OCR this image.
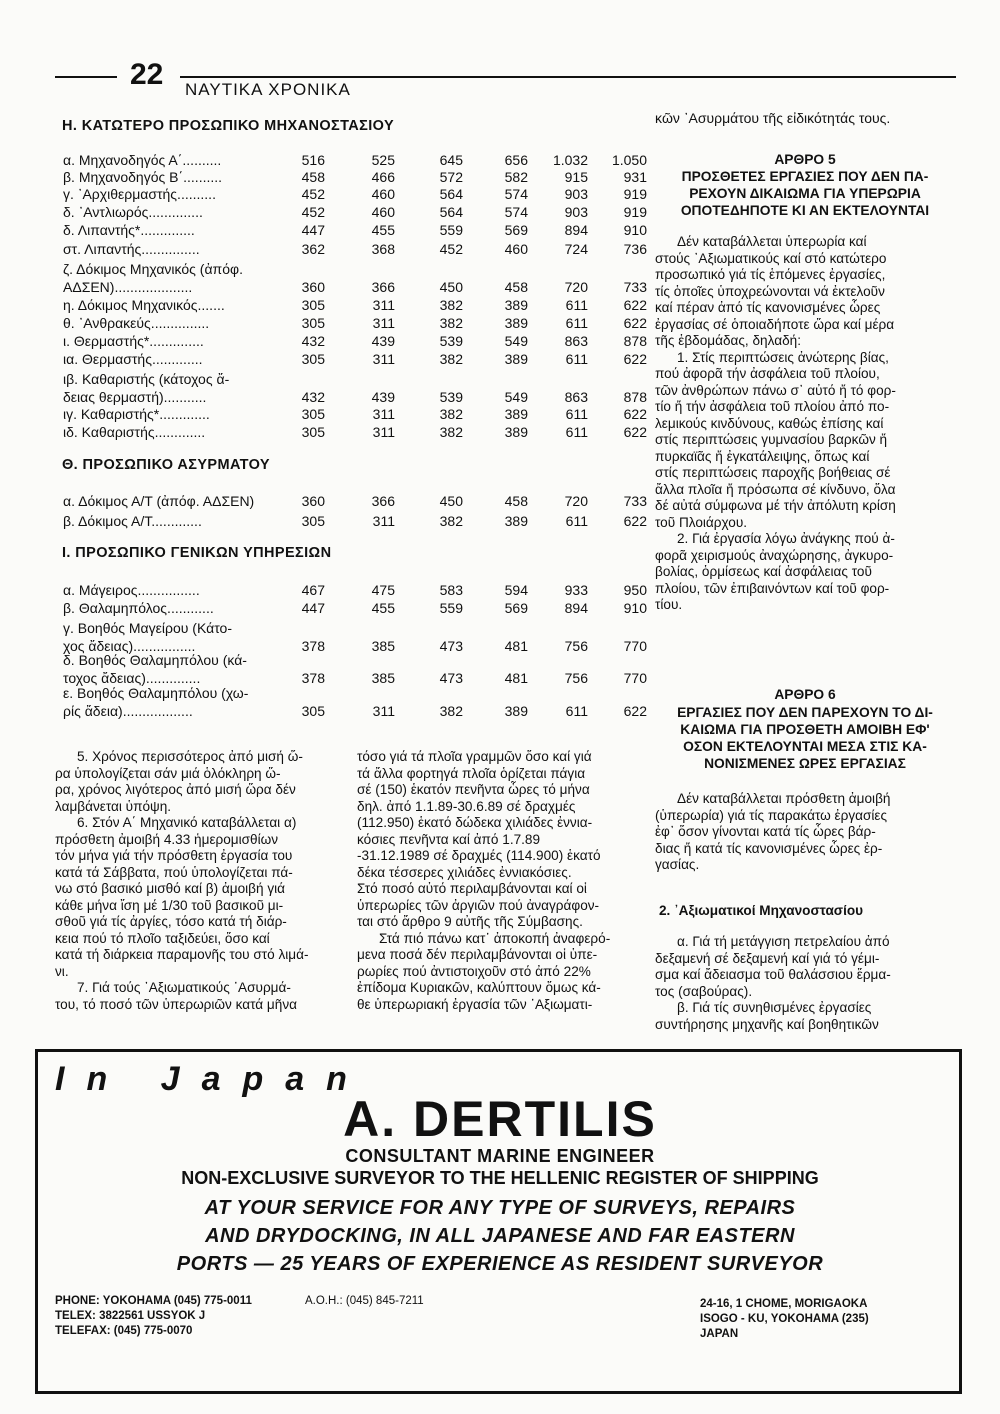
22 ΝΑΥΤΙΚΑ ΧΡΟΝΙΚΑ
Η. ΚΑΤΩΤΕΡΟ ΠΡΟΣΩΠΙΚΟ ΜΗΧΑΝΟΣΤΑΣΙΟΥ
α. Μηχανοδηγός Α΄..........	516	525	645	656	1.032	1.050
β. Μηχανοδηγός Β΄..........	458	466	572	582	915	931
γ. ᾿Αρχιθερμαστής..........	452	460	564	574	903	919
δ. ᾿Αντλιωρός..............	452	460	564	574	903	919
δ. Λιπαντής*..............	447	455	559	569	894	910
στ. Λιπαντής...............	362	368	452	460	724	736
ζ. Δόκιμος Μηχανικός (ἀπόφ.
ΑΔΣΕΝ)....................	360	366	450	458	720	733
η. Δόκιμος Μηχανικός.......	305	311	382	389	611	622
θ. ᾿Ανθρακεύς...............	305	311	382	389	611	622
ι. Θερμαστής*..............	432	439	539	549	863	878
ια. Θερμαστής.............	305	311	382	389	611	622
ιβ. Καθαριστής (κάτοχος ἄ-
δειας θερμαστή)...........	432	439	539	549	863	878
ιγ. Καθαριστής*.............	305	311	382	389	611	622
ιδ. Καθαριστής.............	305	311	382	389	611	622
Θ. ΠΡΟΣΩΠΙΚΟ ΑΣΥΡΜΑΤΟΥ
α. Δόκιμος Α/Τ (ἀπόφ. ΑΔΣΕΝ)	360	366	450	458	720	733
β. Δόκιμος Α/Τ.............	305	311	382	389	611	622
Ι. ΠΡΟΣΩΠΙΚΟ ΓΕΝΙΚΩΝ ΥΠΗΡΕΣΙΩΝ
α. Μάγειρος................	467	475	583	594	933	950
β. Θαλαμηπόλος............	447	455	559	569	894	910
γ. Βοηθός Μαγείρου (Κάτο-
χος ἄδειας)................	378	385	473	481	756	770
δ. Βοηθός Θαλαμηπόλου (κά-
τοχος ἄδειας)..............	378	385	473	481	756	770
ε. Βοηθός Θαλαμηπόλου (χω-
ρίς ἄδεια)..................	305	311	382	389	611	622
5. Χρόνος περισσότερος ἀπό μισή ὥ-
ρα ὑπολογίζεται σάν μιά ὁλόκληρη ὥ-
ρα, χρόνος λιγότερος ἀπό μισή ὥρα δέν
λαμβάνεται ὑπόψη.
6. Στόν Α΄ Μηχανικό καταβάλλεται α)
πρόσθετη ἀμοιβή 4.33 ἡμερομισθίων
τόν μήνα γιά τήν πρόσθετη ἐργασία του
κατά τά Σάββατα, πού ὑπολογίζεται πά-
νω στό βασικό μισθό καί β) ἀμοιβή γιά
κάθε μήνα ἴση μέ 1/30 τοῦ βασικοῦ μι-
σθοῦ γιά τίς ἀργίες, τόσο κατά τή διάρ-
κεια πού τό πλοῖο ταξιδεύει, ὅσο καί
κατά τή διάρκεια παραμονῆς του στό λιμά-
νι.
7. Γιά τούς ᾿Αξιωματικούς ᾿Ασυρμά-
του, τό ποσό τῶν ὑπερωριῶν κατά μῆνα
τόσο γιά τά πλοῖα γραμμῶν ὅσο καί γιά
τά ἄλλα φορτηγά πλοῖα ὁρίζεται πάγια
σέ (150) ἑκατόν πενῆντα ὧρες τό μήνα
δηλ. ἀπό 1.1.89-30.6.89 σέ δραχμές
(112.950) ἑκατό δώδεκα χιλιάδες ἐννια-
κόσιες πενῆντα καί ἀπό 1.7.89
-31.12.1989 σέ δραχμές (114.900) ἑκατό
δέκα τέσσερες χιλιάδες ἐννιακόσιες.
Στό ποσό αὐτό περιλαμβάνονται καί οἱ
ὑπερωρίες τῶν ἀργιῶν πού ἀναγράφον-
ται στό ἄρθρο 9 αὐτῆς τῆς Σύμβασης.
Στά πιό πάνω κατ᾿ ἀποκοπή ἀναφερό-
μενα ποσά δέν περιλαμβάνονται οἱ ὑπε-
ρωρίες πού ἀντιστοιχοῦν στό ἀπό 22%
ἐπίδομα Κυριακῶν, καλύπτουν ὅμως κά-
θε ὑπερωριακή ἐργασία τῶν ᾿Αξιωματι-
κῶν ᾿Ασυρμάτου τῆς εἰδικότητάς τους.
ΑΡΘΡΟ 5
ΠΡΟΣΘΕΤΕΣ ΕΡΓΑΣΙΕΣ ΠΟΥ ΔΕΝ ΠΑ-
ΡΕΧΟΥΝ ΔΙΚΑΙΩΜΑ ΓΙΑ ΥΠΕΡΩΡΙΑ
ΟΠΟΤΕΔΗΠΟΤΕ ΚΙ ΑΝ ΕΚΤΕΛΟΥΝΤΑΙ
Δέν καταβάλλεται ὑπερωρία καί
στούς ᾿Αξιωματικούς καί στό κατώτερο
προσωπικό γιά τίς ἑπόμενες ἐργασίες,
τίς ὁποῖες ὑποχρεώνονται νά ἐκτελοῦν
καί πέραν ἀπό τίς κανονισμένες ὧρες
ἐργασίας σέ ὁποιαδήποτε ὥρα καί μέρα
τῆς ἑβδομάδας, δηλαδή:
1. Στίς περιπτώσεις ἀνώτερης βίας,
πού ἀφορᾶ τήν ἀσφάλεια τοῦ πλοίου,
τῶν ἀνθρώπων πάνω σ᾿ αὐτό ἤ τό φορ-
τίο ἤ τήν ἀσφάλεια τοῦ πλοίου ἀπό πο-
λεμικούς κινδύνους, καθώς ἐπίσης καί
στίς περιπτώσεις γυμνασίου βαρκῶν ἤ
πυρκαϊᾶς ἤ ἐγκατάλειψης, ὅπως καί
στίς περιπτώσεις παροχῆς βοήθειας σέ
ἄλλα πλοῖα ἤ πρόσωπα σέ κίνδυνο, ὅλα
δέ αὐτά σύμφωνα μέ τήν ἀπόλυτη κρίση
τοῦ Πλοιάρχου.
2. Γιά ἐργασία λόγω ἀνάγκης πού ἀ-
φορᾶ χειρισμούς ἀναχώρησης, ἀγκυρο-
βολίας, ὁρμίσεως καί ἀσφάλειας τοῦ
πλοίου, τῶν ἐπιβαινόντων καί τοῦ φορ-
τίου.
ΑΡΘΡΟ 6
ΕΡΓΑΣΙΕΣ ΠΟΥ ΔΕΝ ΠΑΡΕΧΟΥΝ ΤΟ ΔΙ-
ΚΑΙΩΜΑ ΓΙΑ ΠΡΟΣΘΕΤΗ ΑΜΟΙΒΗ ΕΦ'
ΟΣΟΝ ΕΚΤΕΛΟΥΝΤΑΙ ΜΕΣΑ ΣΤΙΣ ΚΑ-
ΝΟΝΙΣΜΕΝΕΣ ΩΡΕΣ ΕΡΓΑΣΙΑΣ
Δέν καταβάλλεται πρόσθετη ἀμοιβή
(ὑπερωρία) γιά τίς παρακάτω ἐργασίες
ἐφ᾿ ὅσον γίνονται κατά τίς ὧρες βάρ-
διας ἤ κατά τίς κανονισμένες ὧρες ἐρ-
γασίας.
2. ᾿Αξιωματικοί Μηχανοστασίου
α. Γιά τή μετάγγιση πετρελαίου ἀπό
δεξαμενή σέ δεξαμενή καί γιά τό γέμι-
σμα καί ἄδειασμα τοῦ θαλάσσιου ἕρμα-
τος (σαβούρας).
β. Γιά τίς συνηθισμένες ἐργασίες
συντήρησης μηχανῆς καί βοηθητικῶν
In Japan
A. DERTILIS
CONSULTANT MARINE ENGINEER
NON-EXCLUSIVE SURVEYOR TO THE HELLENIC REGISTER OF SHIPPING
AT YOUR SERVICE FOR ANY TYPE OF SURVEYS, REPAIRS
AND DRYDOCKING, IN ALL JAPANESE AND FAR EASTERN
PORTS — 25 YEARS OF EXPERIENCE AS RESIDENT SURVEYOR
PHONE: YOKOHAMA (045) 775-0011	A.O.H.: (045) 845-7211
TELEX: 3822561 USSYOK J
TELEFAX: (045) 775-0070
24-16, 1 CHOME, MORIGAOKA
ISOGO - KU, YOKOHAMA (235)
JAPAN
